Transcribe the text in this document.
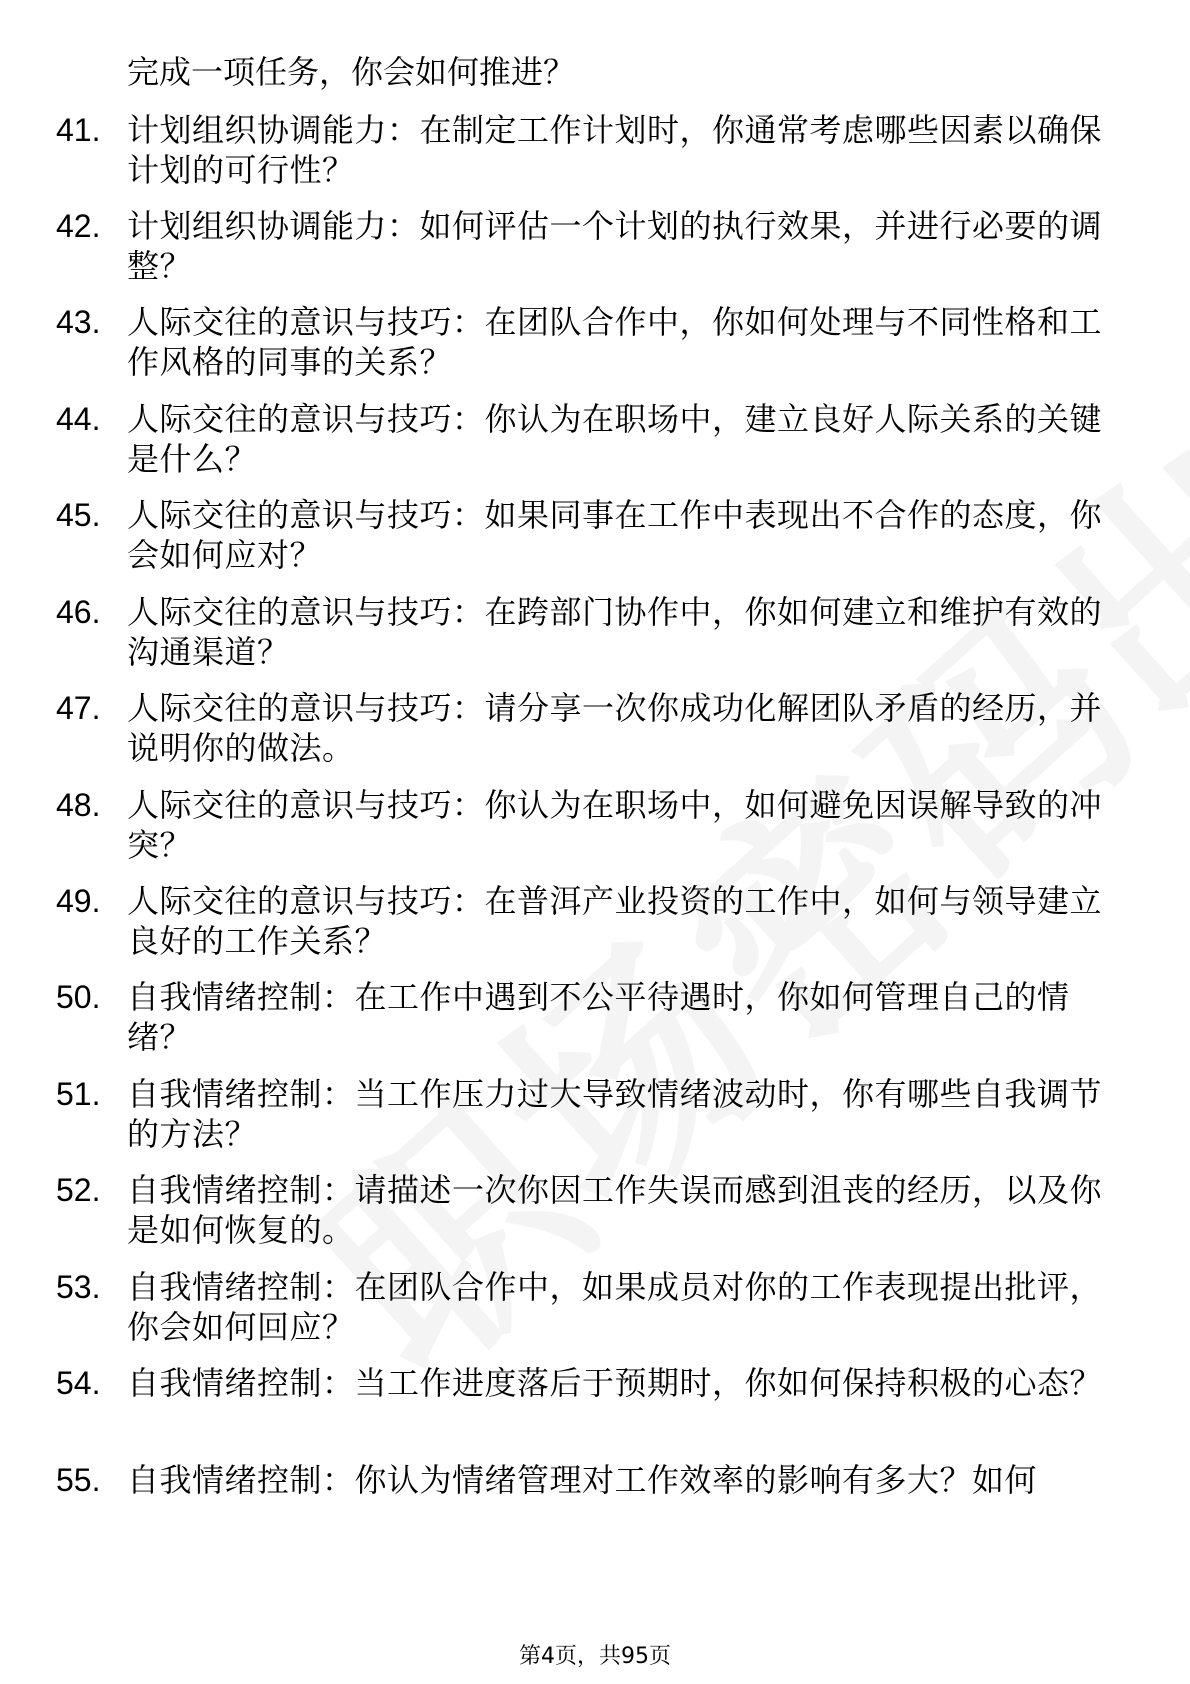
完成一项任务，你会如何推进？
41. 计划组织协调能力：在制定工作计划时，你通常考虑哪些因素以确保计划的可行性？
42. 计划组织协调能力：如何评估一个计划的执行效果，并进行必要的调整？
43. 人际交往的意识与技巧：在团队合作中，你如何处理与不同性格和工作风格的同事的关系？
44. 人际交往的意识与技巧：你认为在职场中，建立良好人际关系的关键是什么？
45. 人际交往的意识与技巧：如果同事在工作中表现出不合作的态度，你会如何应对？
46. 人际交往的意识与技巧：在跨部门协作中，你如何建立和维护有效的沟通渠道？
47. 人际交往的意识与技巧：请分享一次你成功化解团队矛盾的经历，并说明你的做法。
48. 人际交往的意识与技巧：你认为在职场中，如何避免因误解导致的冲突？
49. 人际交往的意识与技巧：在普洱产业投资的工作中，如何与领导建立良好的工作关系？
50. 自我情绪控制：在工作中遇到不公平待遇时，你如何管理自己的情绪？
51. 自我情绪控制：当工作压力过大导致情绪波动时，你有哪些自我调节的方法？
52. 自我情绪控制：请描述一次你因工作失误而感到沮丧的经历，以及你是如何恢复的。
53. 自我情绪控制：在团队合作中，如果成员对你的工作表现提出批评，你会如何回应？
54. 自我情绪控制：当工作进度落后于预期时，你如何保持积极的心态？
55. 自我情绪控制：你认为情绪管理对工作效率的影响有多大？如何
第4页，共95页
